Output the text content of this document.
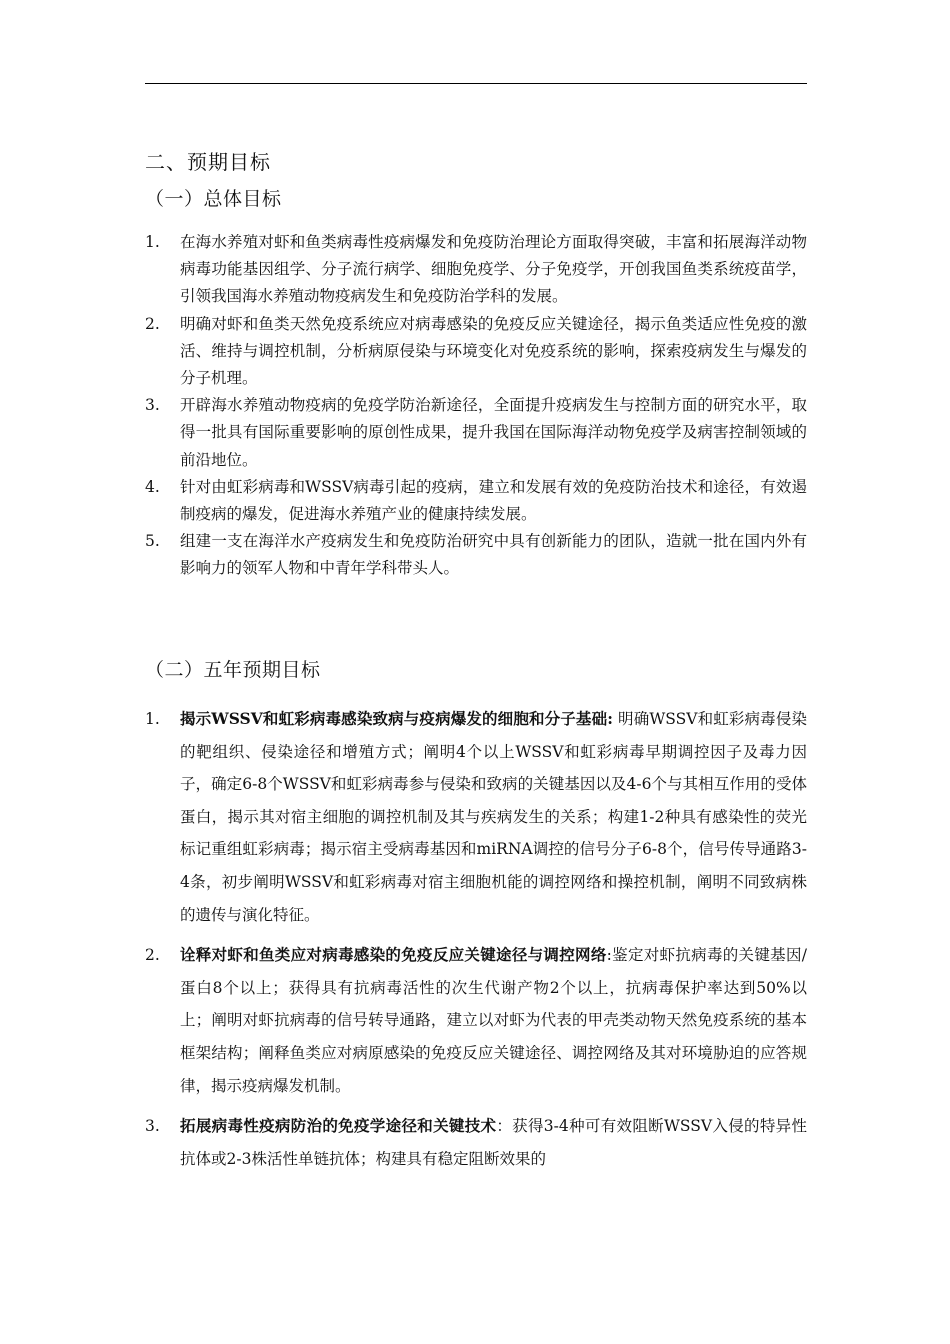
二、预期目标
（一）总体目标
1.	在海水养殖对虾和鱼类病毒性疫病爆发和免疫防治理论方面取得突破，丰富和拓展海洋动物病毒功能基因组学、分子流行病学、细胞免疫学、分子免疫学，开创我国鱼类系统疫苗学，引领我国海水养殖动物疫病发生和免疫防治学科的发展。
2.	明确对虾和鱼类天然免疫系统应对病毒感染的免疫反应关键途径，揭示鱼类适应性免疫的激活、维持与调控机制，分析病原侵染与环境变化对免疫系统的影响，探索疫病发生与爆发的分子机理。
3.	开辟海水养殖动物疫病的免疫学防治新途径，全面提升疫病发生与控制方面的研究水平，取得一批具有国际重要影响的原创性成果，提升我国在国际海洋动物免疫学及病害控制领域的前沿地位。
4.	针对由虹彩病毒和WSSV病毒引起的疫病，建立和发展有效的免疫防治技术和途径，有效遏制疫病的爆发，促进海水养殖产业的健康持续发展。
5.	组建一支在海洋水产疫病发生和免疫防治研究中具有创新能力的团队，造就一批在国内外有影响力的领军人物和中青年学科带头人。
（二）五年预期目标
1.	揭示WSSV和虹彩病毒感染致病与疫病爆发的细胞和分子基础: 明确WSSV和虹彩病毒侵染的靶组织、侵染途径和增殖方式；阐明4个以上WSSV和虹彩病毒早期调控因子及毒力因子，确定6-8个WSSV和虹彩病毒参与侵染和致病的关键基因以及4-6个与其相互作用的受体蛋白，揭示其对宿主细胞的调控机制及其与疾病发生的关系；构建1-2种具有感染性的荧光标记重组虹彩病毒；揭示宿主受病毒基因和miRNA调控的信号分子6-8个，信号传导通路3-4条，初步阐明WSSV和虹彩病毒对宿主细胞机能的调控网络和操控机制，阐明不同致病株的遗传与演化特征。
2.	诠释对虾和鱼类应对病毒感染的免疫反应关键途径与调控网络:鉴定对虾抗病毒的关键基因/蛋白8个以上；获得具有抗病毒活性的次生代谢产物2个以上，抗病毒保护率达到50%以上；阐明对虾抗病毒的信号转导通路，建立以对虾为代表的甲壳类动物天然免疫系统的基本框架结构；阐释鱼类应对病原感染的免疫反应关键途径、调控网络及其对环境胁迫的应答规律，揭示疫病爆发机制。
3.	拓展病毒性疫病防治的免疫学途径和关键技术：获得3-4种可有效阻断WSSV入侵的特异性抗体或2-3株活性单链抗体；构建具有稳定阻断效果的
